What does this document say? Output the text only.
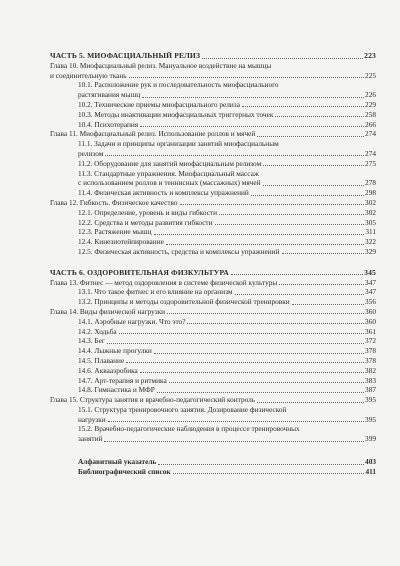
ЧАСТЬ 5. МИОФАСЦИАЛЬНЫЙ РЕЛИЗ	223
Глава 10. Миофасциальный релиз. Мануальное воздействие на мышцы
и соединительную ткань	225
10.1. Расположение рук и последовательность миофасциального
растягивания мышц	226
10.2. Технические приемы миофасциального релиза	229
10.3. Методы инактивации миофасциальных триггерных точек	258
10.4. Психотерапия	266
Глава 11. Миофасциальный релиз. Использование роллов и мячей	274
11.1. Задачи и принципы организации занятий миофасциальным
релизом	274
11.2. Оборудование для занятий миофасциальным релизом	275
11.3. Стандартные упражнения. Миофасциальный массаж
с использованием роллов и теннисных (массажных) мячей	278
11.4. Физическая активность и комплексы упражнений	298
Глава 12. Гибкость. Физическое качество	302
12.1. Определение, уровень и виды гибкости	302
12.2. Средства и методы развития гибкости	305
12.3. Растяжение мышц	311
12.4. Кинезиотейпирование	322
12.5. Физическая активность, средства и комплексы упражнений	329
ЧАСТЬ 6. ОЗДОРОВИТЕЛЬНАЯ ФИЗКУЛЬТУРА	345
Глава 13. Фитнес — метод оздоровления в системе физической культуры	347
13.1. Что такое фитнес и его влияние на организм	347
13.2. Принципы и методы оздоровительной физической тренировки	356
Глава 14. Виды физической нагрузки	360
14.1. Аэробные нагрузки. Что это?	360
14.2. Ходьба	361
14.3. Бег	372
14.4. Лыжные прогулки	378
14.5. Плавание	378
14.6. Аквааэробика	382
14.7. Арт-терапия и ритмика	383
14.8. Гимнастика и МФР	387
Глава 15. Структура занятия и врачебно-педагогический контроль	395
15.1. Структура тренировочного занятия. Дозирование физической
нагрузки	395
15.2. Врачебно-педагогические наблюдения в процессе тренировочных
занятий	399
Алфавитный указатель	403
Библиографический список	411
